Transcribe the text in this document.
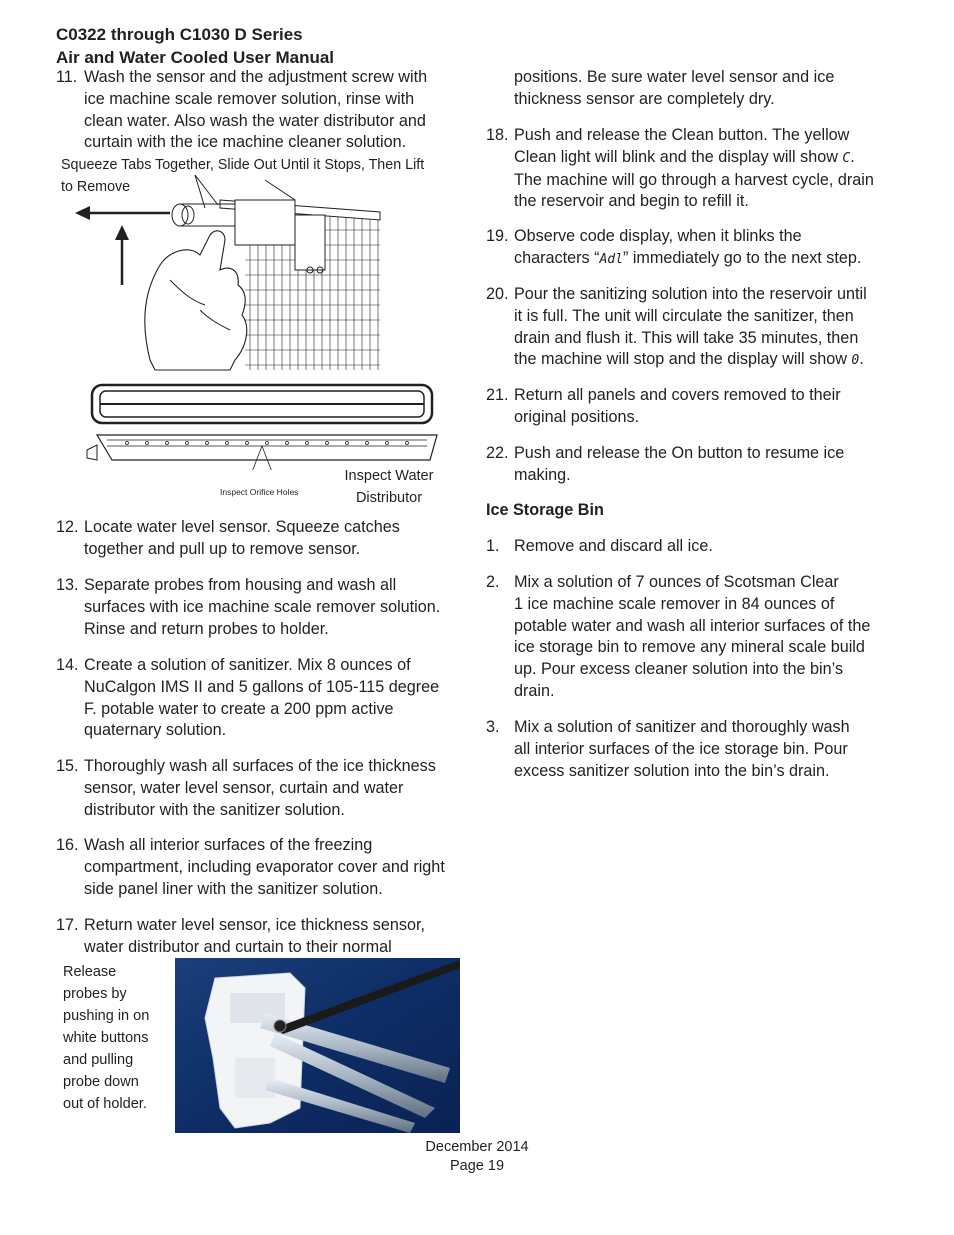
C0322 through C1030 D Series
Air and Water Cooled User Manual
11. Wash the sensor and the adjustment screw with
ice machine scale remover solution, rinse with
clean water. Also wash the water distributor and
curtain with the ice machine cleaner solution.
Squeeze Tabs Together, Slide Out Until it Stops, Then Lift
to Remove
Inspect Orifice Holes
Inspect Water
Distributor
12. Locate water level sensor. Squeeze catches
together and pull up to remove sensor.
13. Separate probes from housing and wash all
surfaces with ice machine scale remover solution.
Rinse and return probes to holder.
14. Create a solution of sanitizer. Mix 8 ounces of
NuCalgon IMS II and 5 gallons of 105-115 degree
F. potable water to create a 200 ppm active
quaternary solution.
15. Thoroughly wash all surfaces of the ice thickness
sensor, water level sensor, curtain and water
distributor with the sanitizer solution.
16. Wash all interior surfaces of the freezing
compartment, including evaporator cover and right
side panel liner with the sanitizer solution.
17. Return water level sensor, ice thickness sensor,
water distributor and curtain to their normal
Release
probes by
pushing in on
white buttons
and pulling
probe down
out of holder.
positions. Be sure water level sensor and ice
thickness sensor are completely dry.
18. Push and release the Clean button. The yellow
Clean light will blink and the display will show C.
The machine will go through a harvest cycle, drain
the reservoir and begin to refill it.
19. Observe code display, when it blinks the
characters “Adl” immediately go to the next step.
20. Pour the sanitizing solution into the reservoir until
it is full. The unit will circulate the sanitizer, then
drain and flush it. This will take 35 minutes, then
the machine will stop and the display will show 0.
21. Return all panels and covers removed to their
original positions.
22. Push and release the On button to resume ice
making.
Ice Storage Bin
1. Remove and discard all ice.
2. Mix a solution of 7 ounces of Scotsman Clear
1 ice machine scale remover in 84 ounces of
potable water and wash all interior surfaces of the
ice storage bin to remove any mineral scale build
up. Pour excess cleaner solution into the bin’s
drain.
3. Mix a solution of sanitizer and thoroughly wash
all interior surfaces of the ice storage bin. Pour
excess sanitizer solution into the bin’s drain.
December 2014
Page 19
